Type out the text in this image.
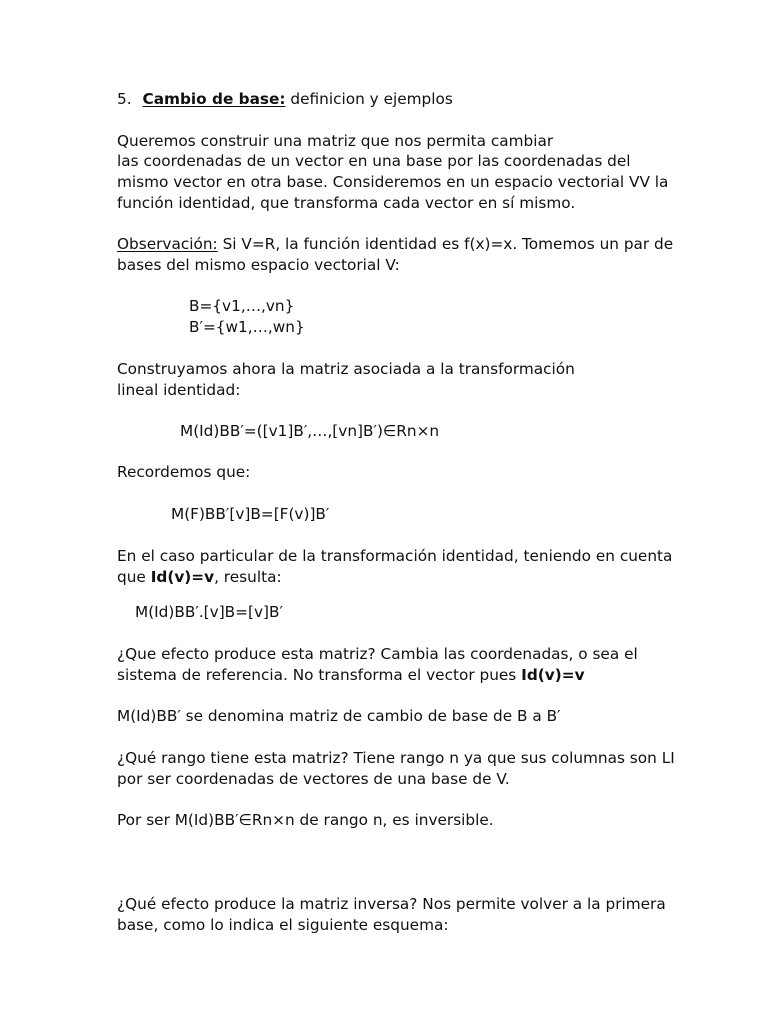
5. Cambio de base: definicion y ejemplos
Queremos construir una matriz que nos permita cambiar
las coordenadas de un vector en una base por las coordenadas del
mismo vector en otra base. Consideremos en un espacio vectorial VV la
función identidad, que transforma cada vector en sí mismo.
Observación: Si V=R, la función identidad es f(x)=x. Tomemos un par de
bases del mismo espacio vectorial V:
B={v1,…,vn}
B′={w1,…,wn}
Construyamos ahora la matriz asociada a la transformación
lineal identidad:
M(Id)BB′=([v1]B′,…,[vn]B′)∈Rn×n
Recordemos que:
M(F)BB′[v]B=[F(v)]B′
En el caso particular de la transformación identidad, teniendo en cuenta
que Id(v)=v, resulta:
M(Id)BB′.[v]B=[v]B′
¿Que efecto produce esta matriz? Cambia las coordenadas, o sea el
sistema de referencia. No transforma el vector pues Id(v)=v
M(Id)BB′ se denomina matriz de cambio de base de B a B′
¿Qué rango tiene esta matriz? Tiene rango n ya que sus columnas son LI
por ser coordenadas de vectores de una base de V.
Por ser M(Id)BB′∈Rn×n de rango n, es inversible.
¿Qué efecto produce la matriz inversa? Nos permite volver a la primera
base, como lo indica el siguiente esquema:
